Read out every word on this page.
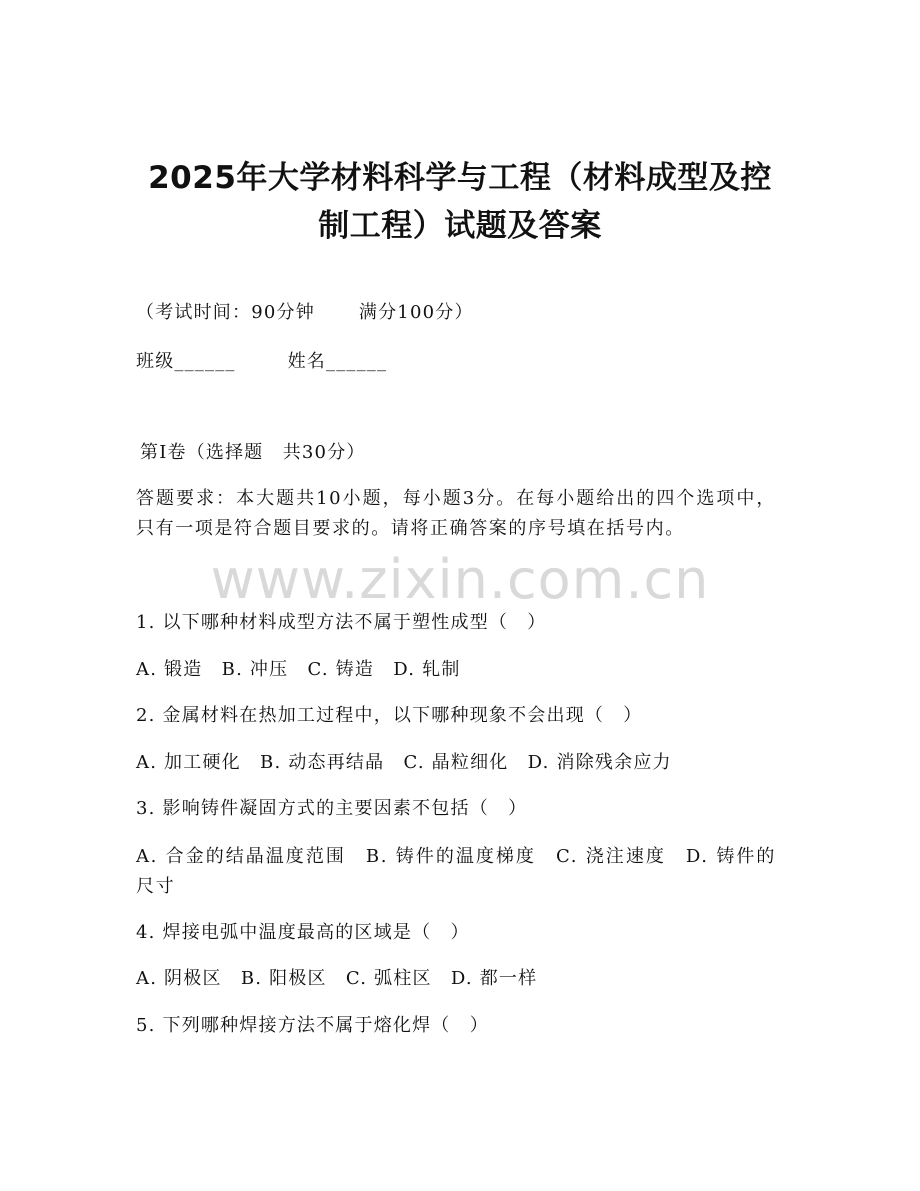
2025年大学材料科学与工程（材料成型及控
制工程）试题及答案
（考试时间：90分钟 满分100分）
班级______	姓名______
第Ⅰ卷（选择题　共30分）
答题要求：本大题共10小题，每小题3分。在每小题给出的四个选项中，只有一项是符合题目要求的。请将正确答案的序号填在括号内。
www.zixin.com.cn
1. 以下哪种材料成型方法不属于塑性成型（　）
A. 锻造　B. 冲压　C. 铸造　D. 轧制
2. 金属材料在热加工过程中，以下哪种现象不会出现（　）
A. 加工硬化　B. 动态再结晶　C. 晶粒细化　D. 消除残余应力
3. 影响铸件凝固方式的主要因素不包括（　）
A. 合金的结晶温度范围　B. 铸件的温度梯度　C. 浇注速度　D. 铸件的尺寸
4. 焊接电弧中温度最高的区域是（　）
A. 阴极区　B. 阳极区　C. 弧柱区　D. 都一样
5. 下列哪种焊接方法不属于熔化焊（　）
